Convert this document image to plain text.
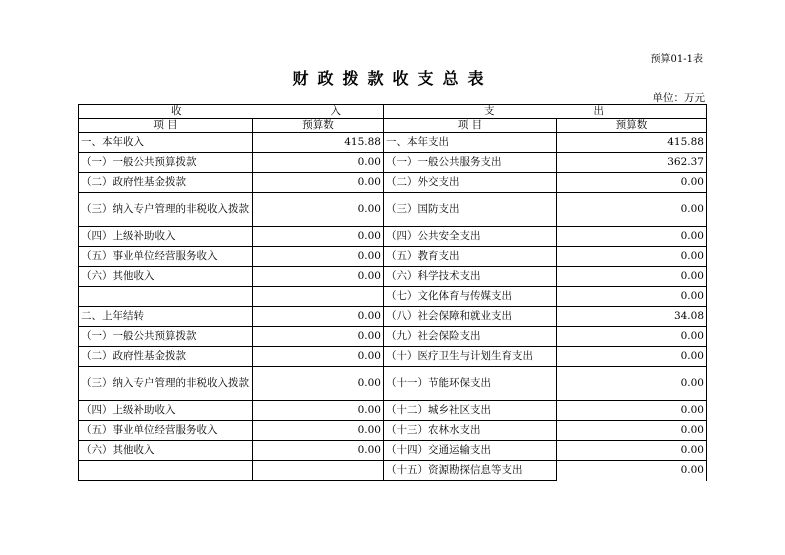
预算01-1表
财政拨款收支总表
单位：万元
收 入		支 出	

项 目	预算数	项 目	预算数
一、本年收入	415.88	一、本年支出	415.88
（一）一般公共预算拨款	0.00	（一）一般公共服务支出	362.37
（二）政府性基金拨款	0.00	（二）外交支出	0.00
（三）纳入专户管理的非税收入拨款	0.00	（三）国防支出	0.00
（四）上级补助收入	0.00	（四）公共安全支出	0.00
（五）事业单位经营服务收入	0.00	（五）教育支出	0.00
（六）其他收入	0.00	（六）科学技术支出	0.00
		（七）文化体育与传媒支出	0.00
二、上年结转	0.00	（八）社会保障和就业支出	34.08
（一）一般公共预算拨款	0.00	（九）社会保险支出	0.00
（二）政府性基金拨款	0.00	（十）医疗卫生与计划生育支出	0.00
（三）纳入专户管理的非税收入拨款	0.00	（十一）节能环保支出	0.00
（四）上级补助收入	0.00	（十二）城乡社区支出	0.00
（五）事业单位经营服务收入	0.00	（十三）农林水支出	0.00
（六）其他收入	0.00	（十四）交通运输支出	0.00
		（十五）资源勘探信息等支出	0.00
